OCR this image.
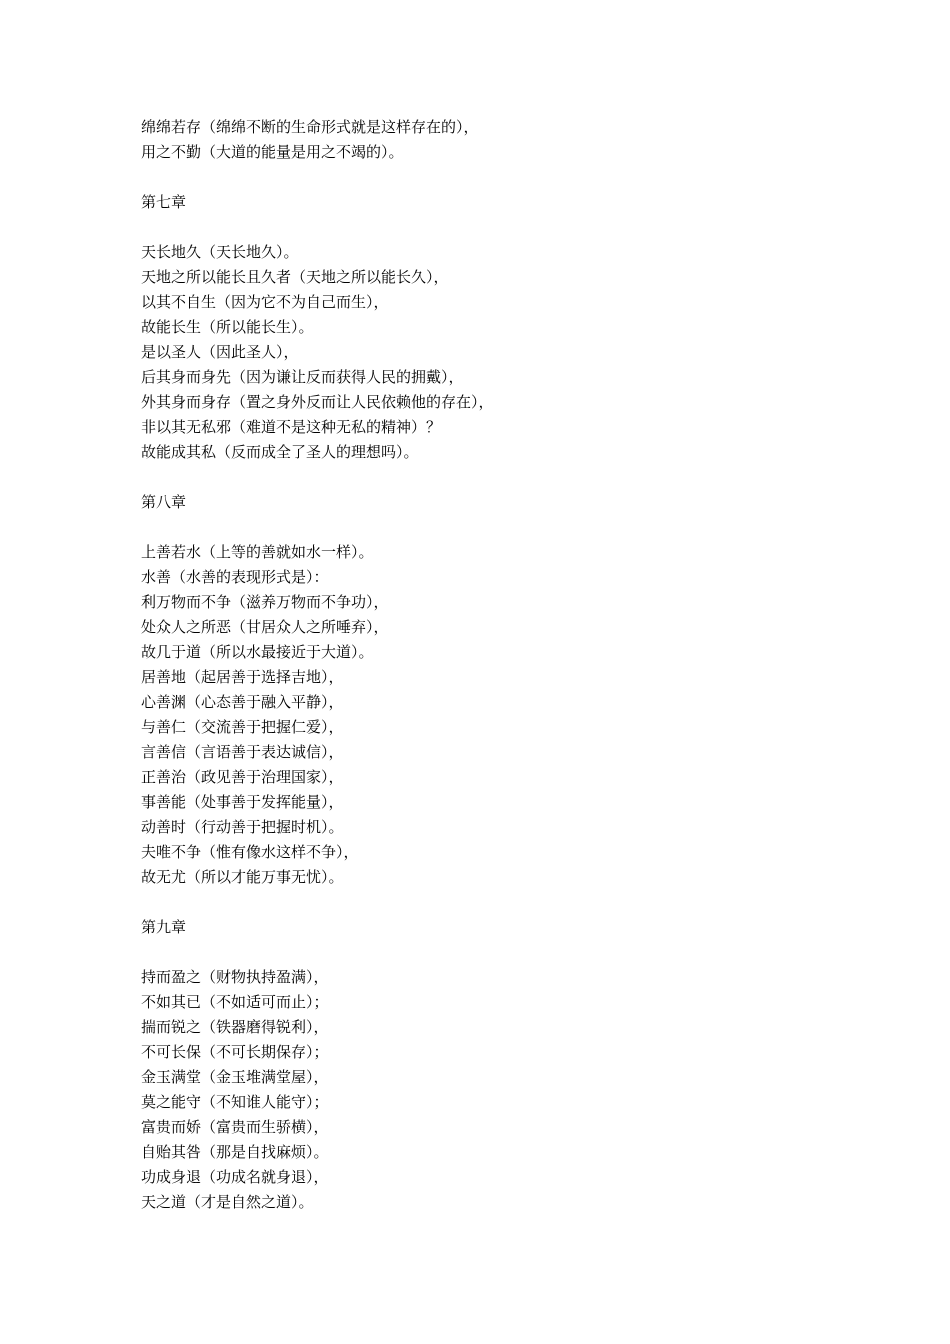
绵绵若存（绵绵不断的生命形式就是这样存在的），
用之不勤（大道的能量是用之不竭的）。
第七章
天长地久（天长地久）。
天地之所以能长且久者（天地之所以能长久），
以其不自生（因为它不为自己而生），
故能长生（所以能长生）。
是以圣人（因此圣人），
后其身而身先（因为谦让反而获得人民的拥戴），
外其身而身存（置之身外反而让人民依赖他的存在），
非以其无私邪（难道不是这种无私的精神）？
故能成其私（反而成全了圣人的理想吗）。
第八章
上善若水（上等的善就如水一样）。
水善（水善的表现形式是）：
利万物而不争（滋养万物而不争功），
处众人之所恶（甘居众人之所唾弃），
故几于道（所以水最接近于大道）。
居善地（起居善于选择吉地），
心善渊（心态善于融入平静），
与善仁（交流善于把握仁爱），
言善信（言语善于表达诚信），
正善治（政见善于治理国家），
事善能（处事善于发挥能量），
动善时（行动善于把握时机）。
夫唯不争（惟有像水这样不争），
故无尤（所以才能万事无忧）。
第九章
持而盈之（财物执持盈满），
不如其已（不如适可而止）；
揣而锐之（铁器磨得锐利），
不可长保（不可长期保存）；
金玉满堂（金玉堆满堂屋），
莫之能守（不知谁人能守）；
富贵而娇（富贵而生骄横），
自贻其咎（那是自找麻烦）。
功成身退（功成名就身退），
天之道（才是自然之道）。
